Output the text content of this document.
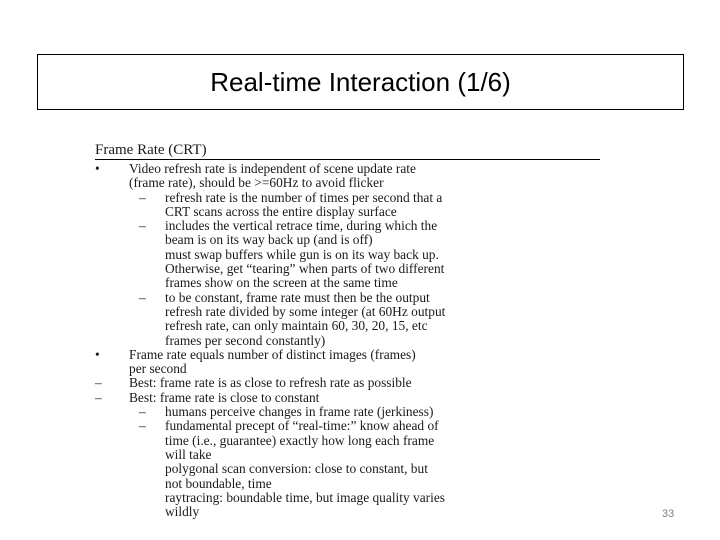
Real-time Interaction (1/6)
Frame Rate (CRT)
• Video refresh rate is independent of scene update rate
(frame rate), should be >=60Hz to avoid flicker
– refresh rate is the number of times per second that a
CRT scans across the entire display surface
– includes the vertical retrace time, during which the
beam is on its way back up (and is off)
must swap buffers while gun is on its way back up.
Otherwise, get “tearing” when parts of two different
frames show on the screen at the same time
– to be constant, frame rate must then be the output
refresh rate divided by some integer (at 60Hz output
refresh rate, can only maintain 60, 30, 20, 15, etc
frames per second constantly)
• Frame rate equals number of distinct images (frames)
per second
– Best: frame rate is as close to refresh rate as possible
– Best: frame rate is close to constant
– humans perceive changes in frame rate (jerkiness)
– fundamental precept of “real-time:” know ahead of
time (i.e., guarantee) exactly how long each frame
will take
polygonal scan conversion: close to constant, but
not boundable, time
raytracing: boundable time, but image quality varies
wildly	33
